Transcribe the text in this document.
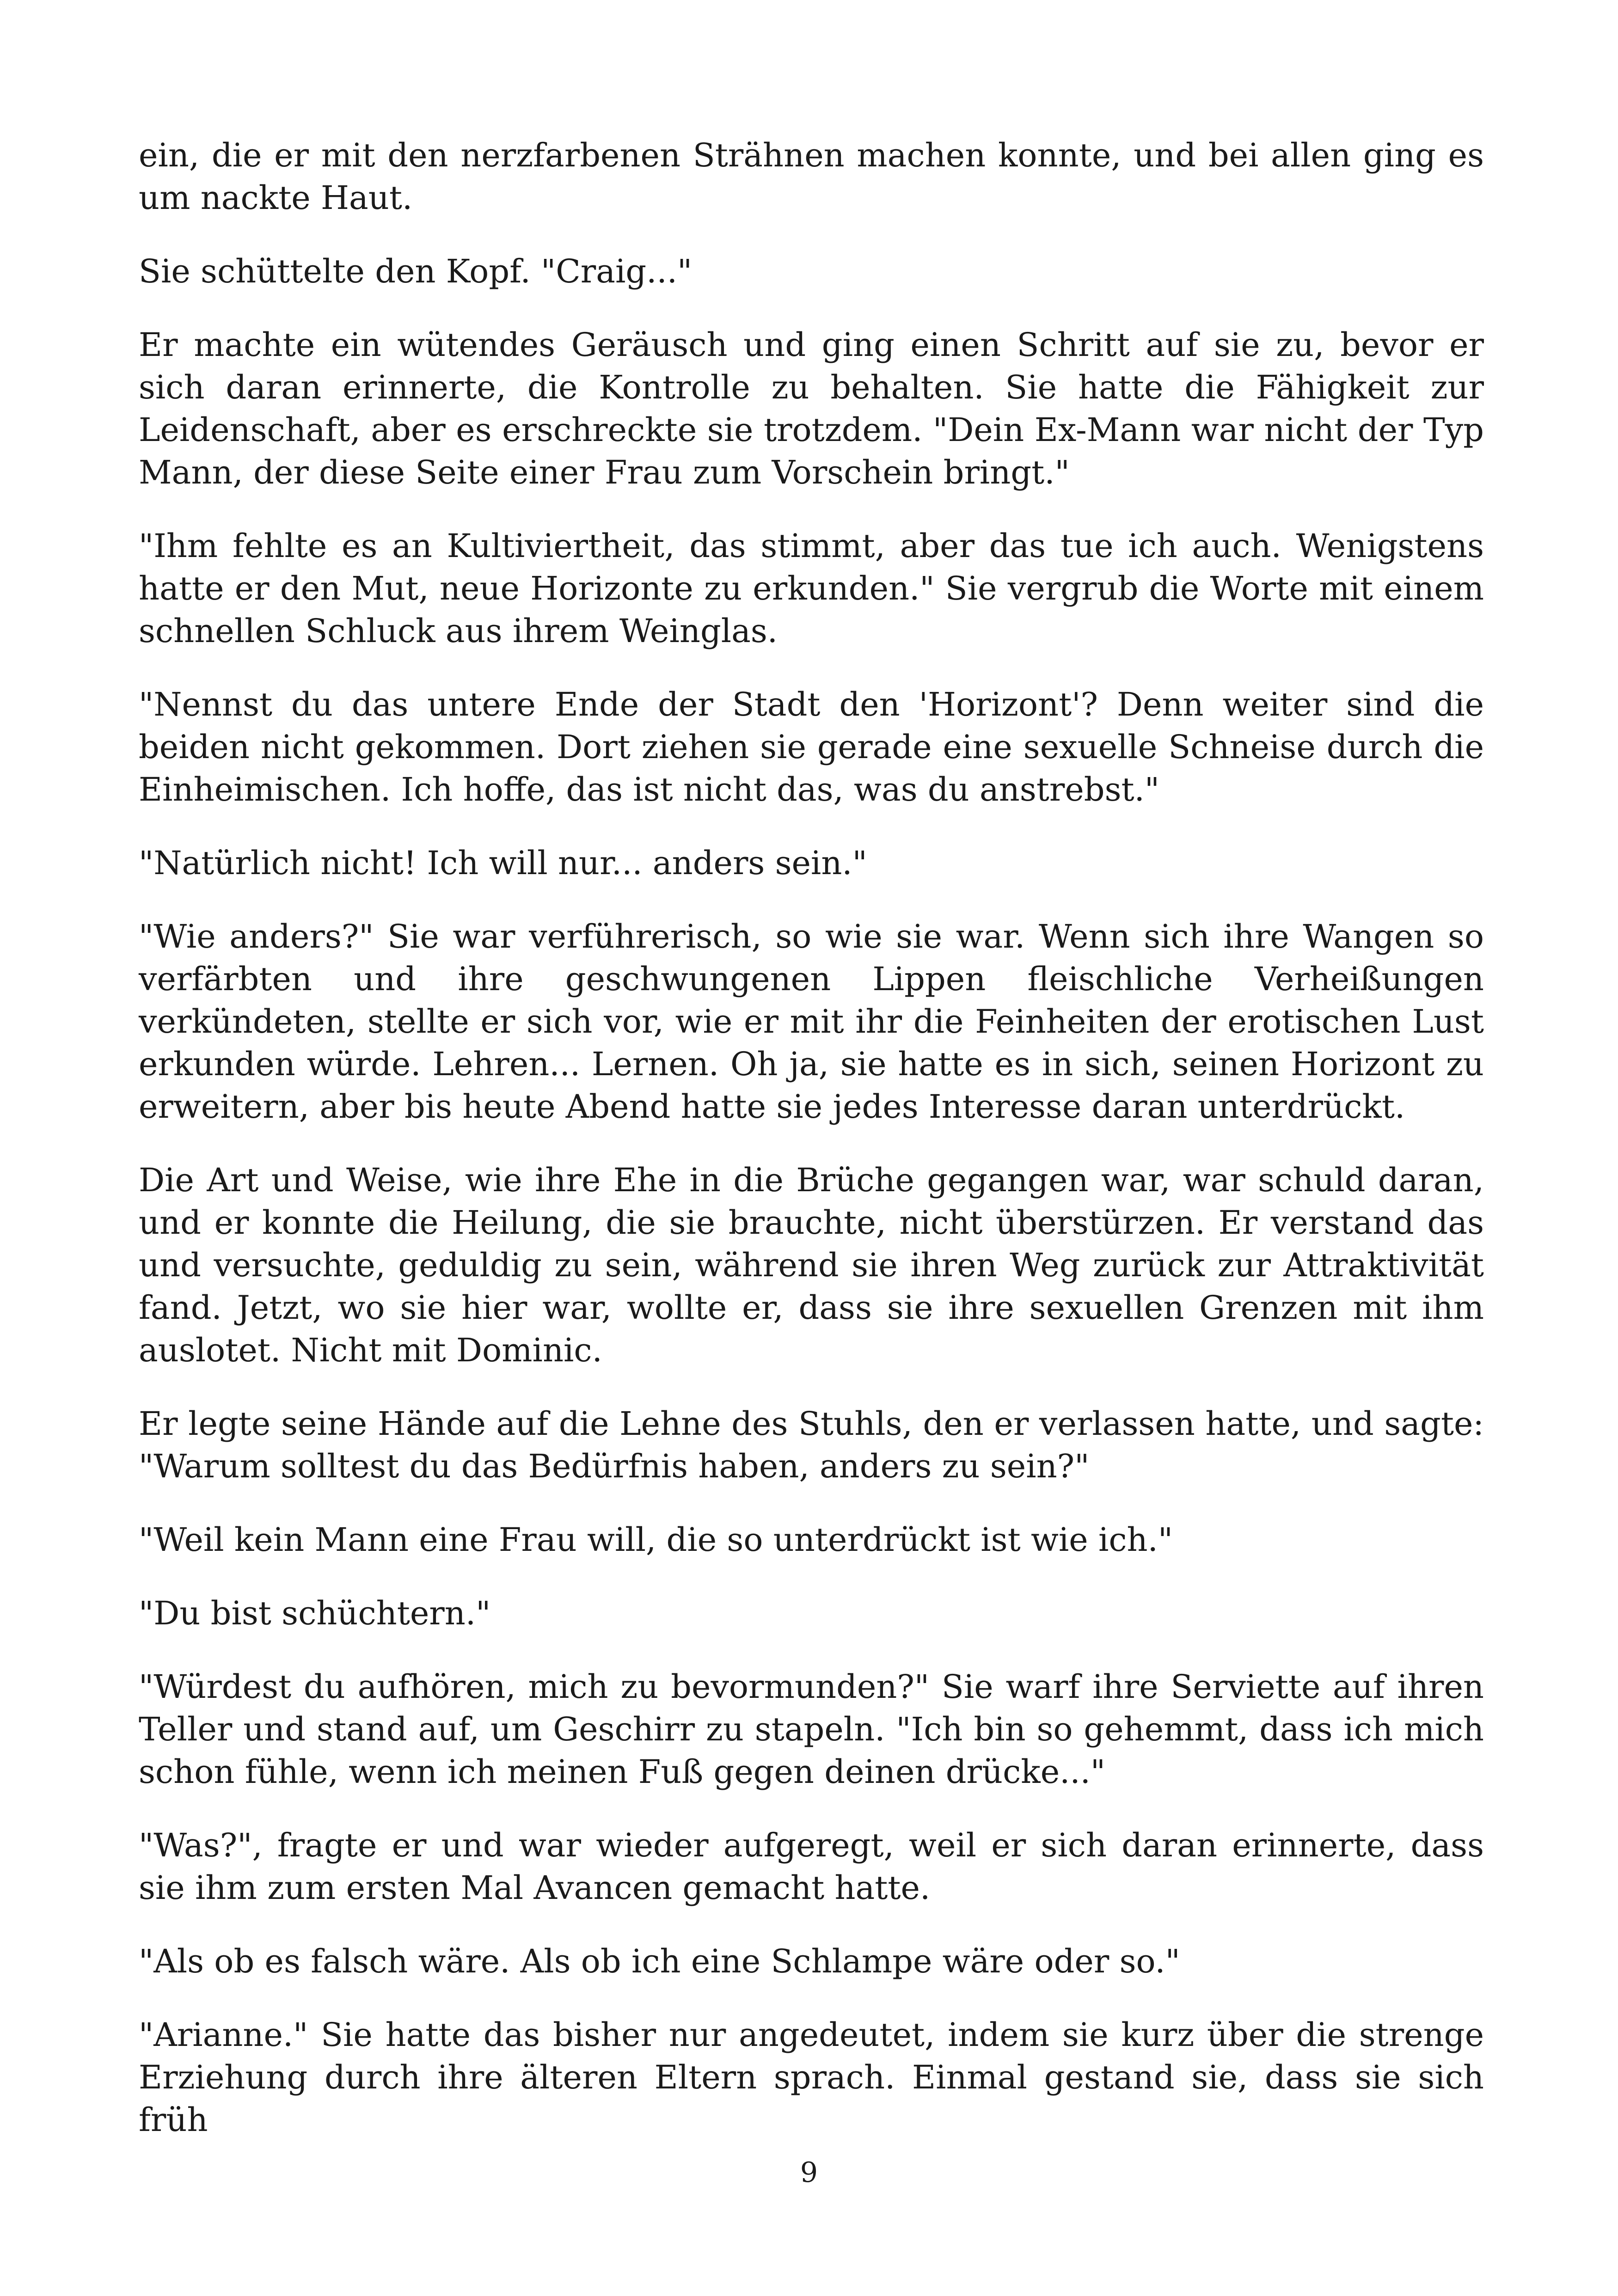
ein, die er mit den nerzfarbenen Strähnen machen konnte, und bei allen ging es um nackte Haut.

Sie schüttelte den Kopf. "Craig..."

Er machte ein wütendes Geräusch und ging einen Schritt auf sie zu, bevor er sich daran erinnerte, die Kontrolle zu behalten. Sie hatte die Fähigkeit zur Leidenschaft, aber es erschreckte sie trotzdem. "Dein Ex-Mann war nicht der Typ Mann, der diese Seite einer Frau zum Vorschein bringt."

"Ihm fehlte es an Kultiviertheit, das stimmt, aber das tue ich auch. Wenigstens hatte er den Mut, neue Horizonte zu erkunden." Sie vergrub die Worte mit einem schnellen Schluck aus ihrem Weinglas.

"Nennst du das untere Ende der Stadt den 'Horizont'? Denn weiter sind die beiden nicht gekommen. Dort ziehen sie gerade eine sexuelle Schneise durch die Einheimischen. Ich hoffe, das ist nicht das, was du anstrebst."

"Natürlich nicht! Ich will nur... anders sein."

"Wie anders?" Sie war verführerisch, so wie sie war. Wenn sich ihre Wangen so verfärbten und ihre geschwungenen Lippen fleischliche Verheißungen verkündeten, stellte er sich vor, wie er mit ihr die Feinheiten der erotischen Lust erkunden würde. Lehren... Lernen. Oh ja, sie hatte es in sich, seinen Horizont zu erweitern, aber bis heute Abend hatte sie jedes Interesse daran unterdrückt.

Die Art und Weise, wie ihre Ehe in die Brüche gegangen war, war schuld daran, und er konnte die Heilung, die sie brauchte, nicht überstürzen. Er verstand das und versuchte, geduldig zu sein, während sie ihren Weg zurück zur Attraktivität fand. Jetzt, wo sie hier war, wollte er, dass sie ihre sexuellen Grenzen mit ihm auslotet. Nicht mit Dominic.

Er legte seine Hände auf die Lehne des Stuhls, den er verlassen hatte, und sagte: "Warum solltest du das Bedürfnis haben, anders zu sein?"

"Weil kein Mann eine Frau will, die so unterdrückt ist wie ich."

"Du bist schüchtern."

"Würdest du aufhören, mich zu bevormunden?" Sie warf ihre Serviette auf ihren Teller und stand auf, um Geschirr zu stapeln. "Ich bin so gehemmt, dass ich mich schon fühle, wenn ich meinen Fuß gegen deinen drücke..."

"Was?", fragte er und war wieder aufgeregt, weil er sich daran erinnerte, dass sie ihm zum ersten Mal Avancen gemacht hatte.

"Als ob es falsch wäre. Als ob ich eine Schlampe wäre oder so."

"Arianne." Sie hatte das bisher nur angedeutet, indem sie kurz über die strenge Erziehung durch ihre älteren Eltern sprach. Einmal gestand sie, dass sie sich früh

9
